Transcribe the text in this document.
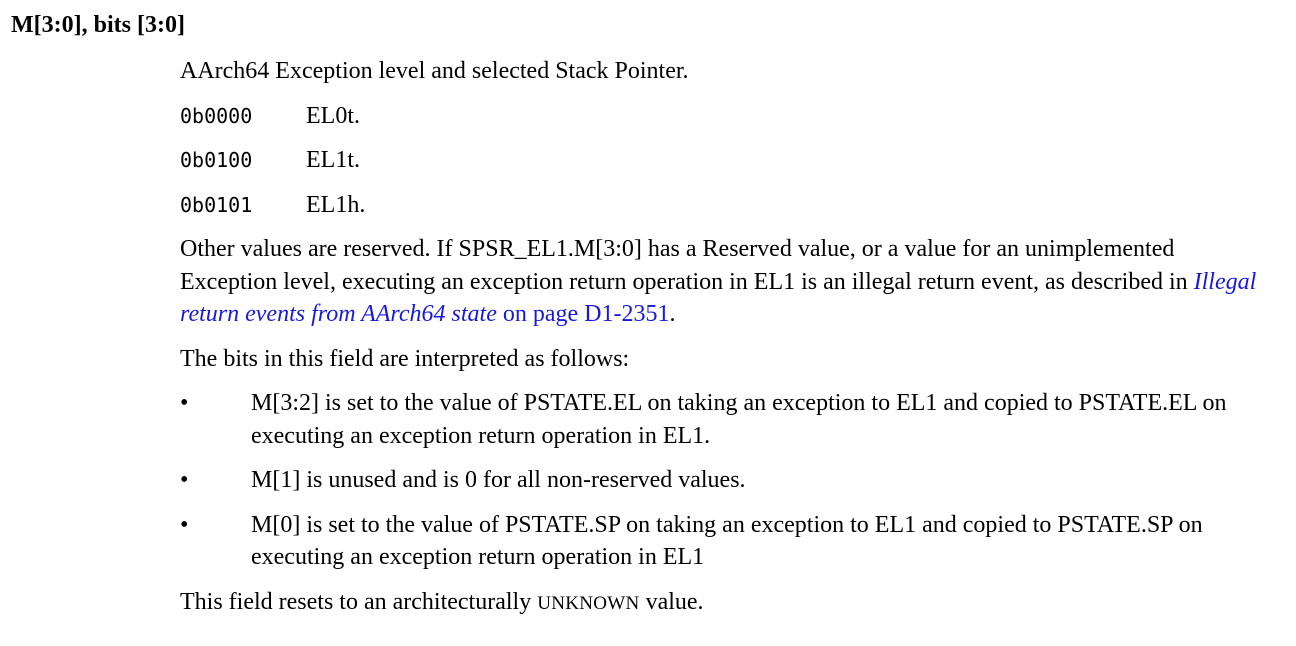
M[3:0], bits [3:0]

AArch64 Exception level and selected Stack Pointer.

0b0000	EL0t.
0b0100	EL1t.
0b0101	EL1h.

Other values are reserved. If SPSR_EL1.M[3:0] has a Reserved value, or a value for an unimplemented Exception level, executing an exception return operation in EL1 is an illegal return event, as described in Illegal return events from AArch64 state on page D1-2351.

The bits in this field are interpreted as follows:

•	M[3:2] is set to the value of PSTATE.EL on taking an exception to EL1 and copied to PSTATE.EL on executing an exception return operation in EL1.
•	M[1] is unused and is 0 for all non-reserved values.
•	M[0] is set to the value of PSTATE.SP on taking an exception to EL1 and copied to PSTATE.SP on executing an exception return operation in EL1

This field resets to an architecturally UNKNOWN value.
